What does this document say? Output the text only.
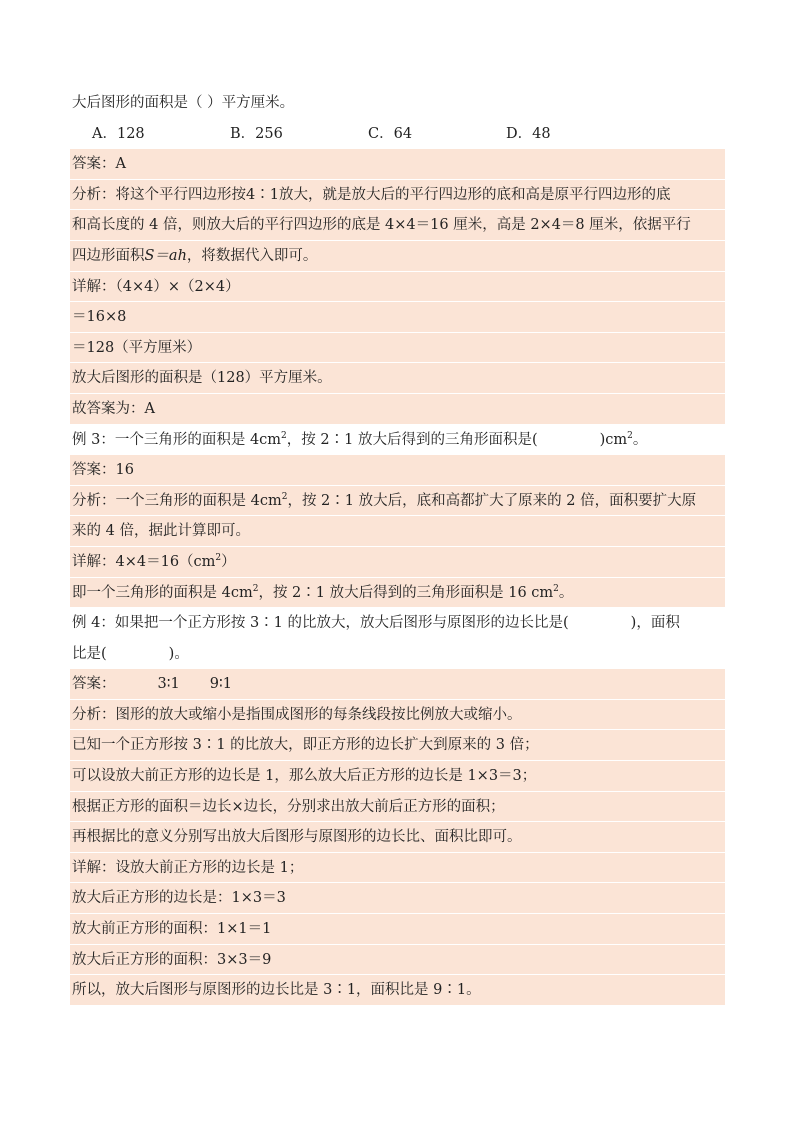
大后图形的面积是（ ）平方厘米。
A．128	B．256	C．64	D．48
答案：A
分析：将这个平行四边形按4∶1放大，就是放大后的平行四边形的底和高是原平行四边形的底
和高长度的 4 倍，则放大后的平行四边形的底是 4×4＝16 厘米，高是 2×4＝8 厘米，依据平行
四边形面积S＝ah，将数据代入即可。
详解：（4×4）×（2×4）
＝16×8
＝128（平方厘米）
放大后图形的面积是（128）平方厘米。
故答案为：A
例 3：一个三角形的面积是 $4cm^2$，按 2∶1 放大后得到的三角形面积是(	)$cm^2$。
答案：16
分析：一个三角形的面积是 $4cm^2$，按 2∶1 放大后，底和高都扩大了原来的 2 倍，面积要扩大原
来的 4 倍，据此计算即可。
详解：$4\times 4=16(cm^2)$
即一个三角形的面积是 $4cm^2$，按 2∶1 放大后得到的三角形面积是 16 $cm^2$。
例 4：如果把一个正方形按 3∶1 的比放大，放大后图形与原图形的边长比是(	)，面积
比是(	)。
答案：	3∶1 9∶1
分析：图形的放大或缩小是指围成图形的每条线段按比例放大或缩小。
已知一个正方形按 3∶1 的比放大，即正方形的边长扩大到原来的 3 倍；
可以设放大前正方形的边长是 1，那么放大后正方形的边长是 1×3＝3；
根据正方形的面积＝边长×边长，分别求出放大前后正方形的面积；
再根据比的意义分别写出放大后图形与原图形的边长比、面积比即可。
详解：设放大前正方形的边长是 1；
放大后正方形的边长是：1×3＝3
放大前正方形的面积：1×1＝1
放大后正方形的面积：3×3＝9
所以，放大后图形与原图形的边长比是 3∶1，面积比是 9∶1。
